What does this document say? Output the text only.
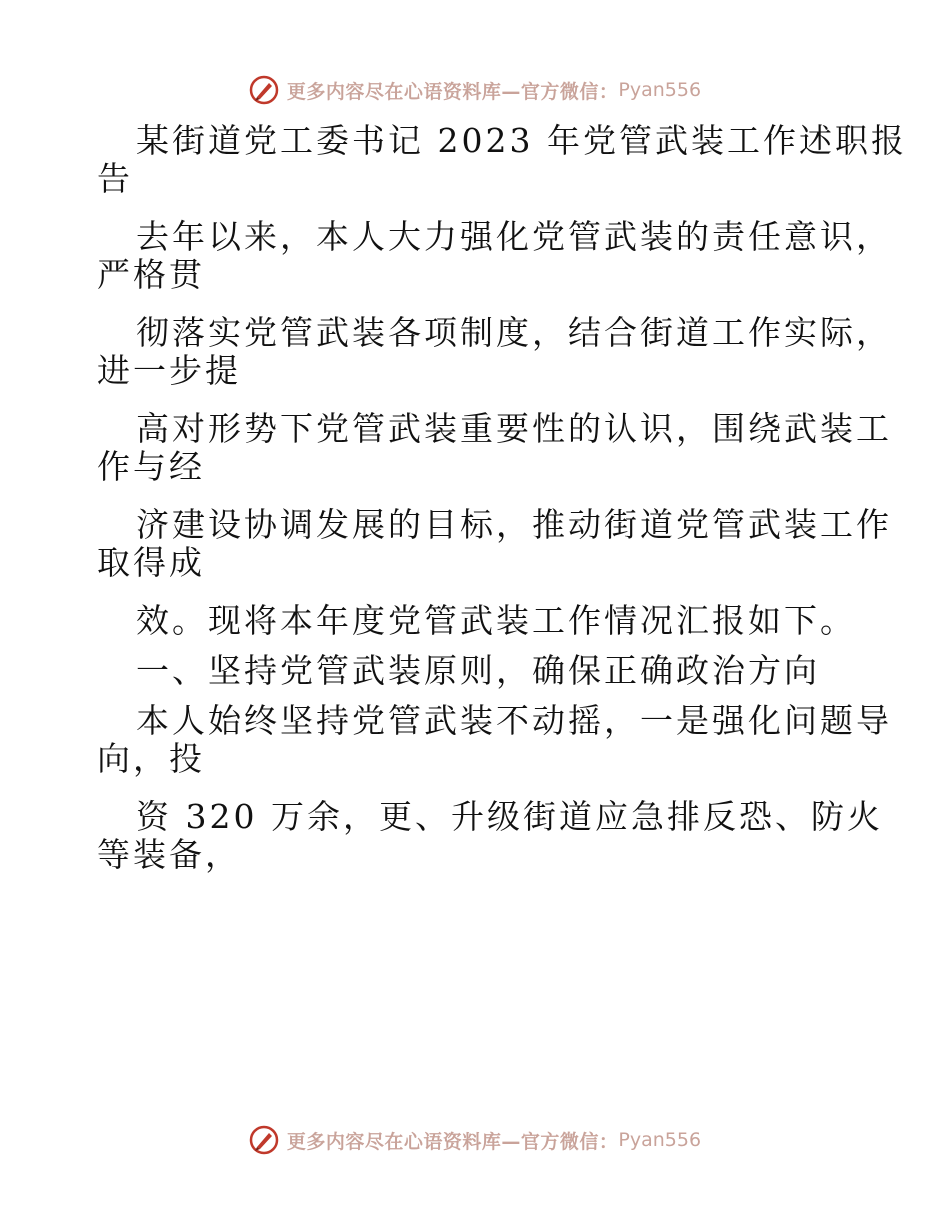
更多内容尽在心语资料库—官方微信： Pyan556
某街道党工委书记 2023 年党管武装工作述职报
告
去年以来，本人大力强化党管武装的责任意识，
严格贯
彻落实党管武装各项制度，结合街道工作实际，
进一步提
高对形势下党管武装重要性的认识，围绕武装工
作与经
济建设协调发展的目标，推动街道党管武装工作
取得成
效。现将本年度党管武装工作情况汇报如下。
一、坚持党管武装原则，确保正确政治方向
本人始终坚持党管武装不动摇，一是强化问题导
向，投
资 320 万余，更、升级街道应急排反恐、防火
等装备，
更多内容尽在心语资料库—官方微信： Pyan556
